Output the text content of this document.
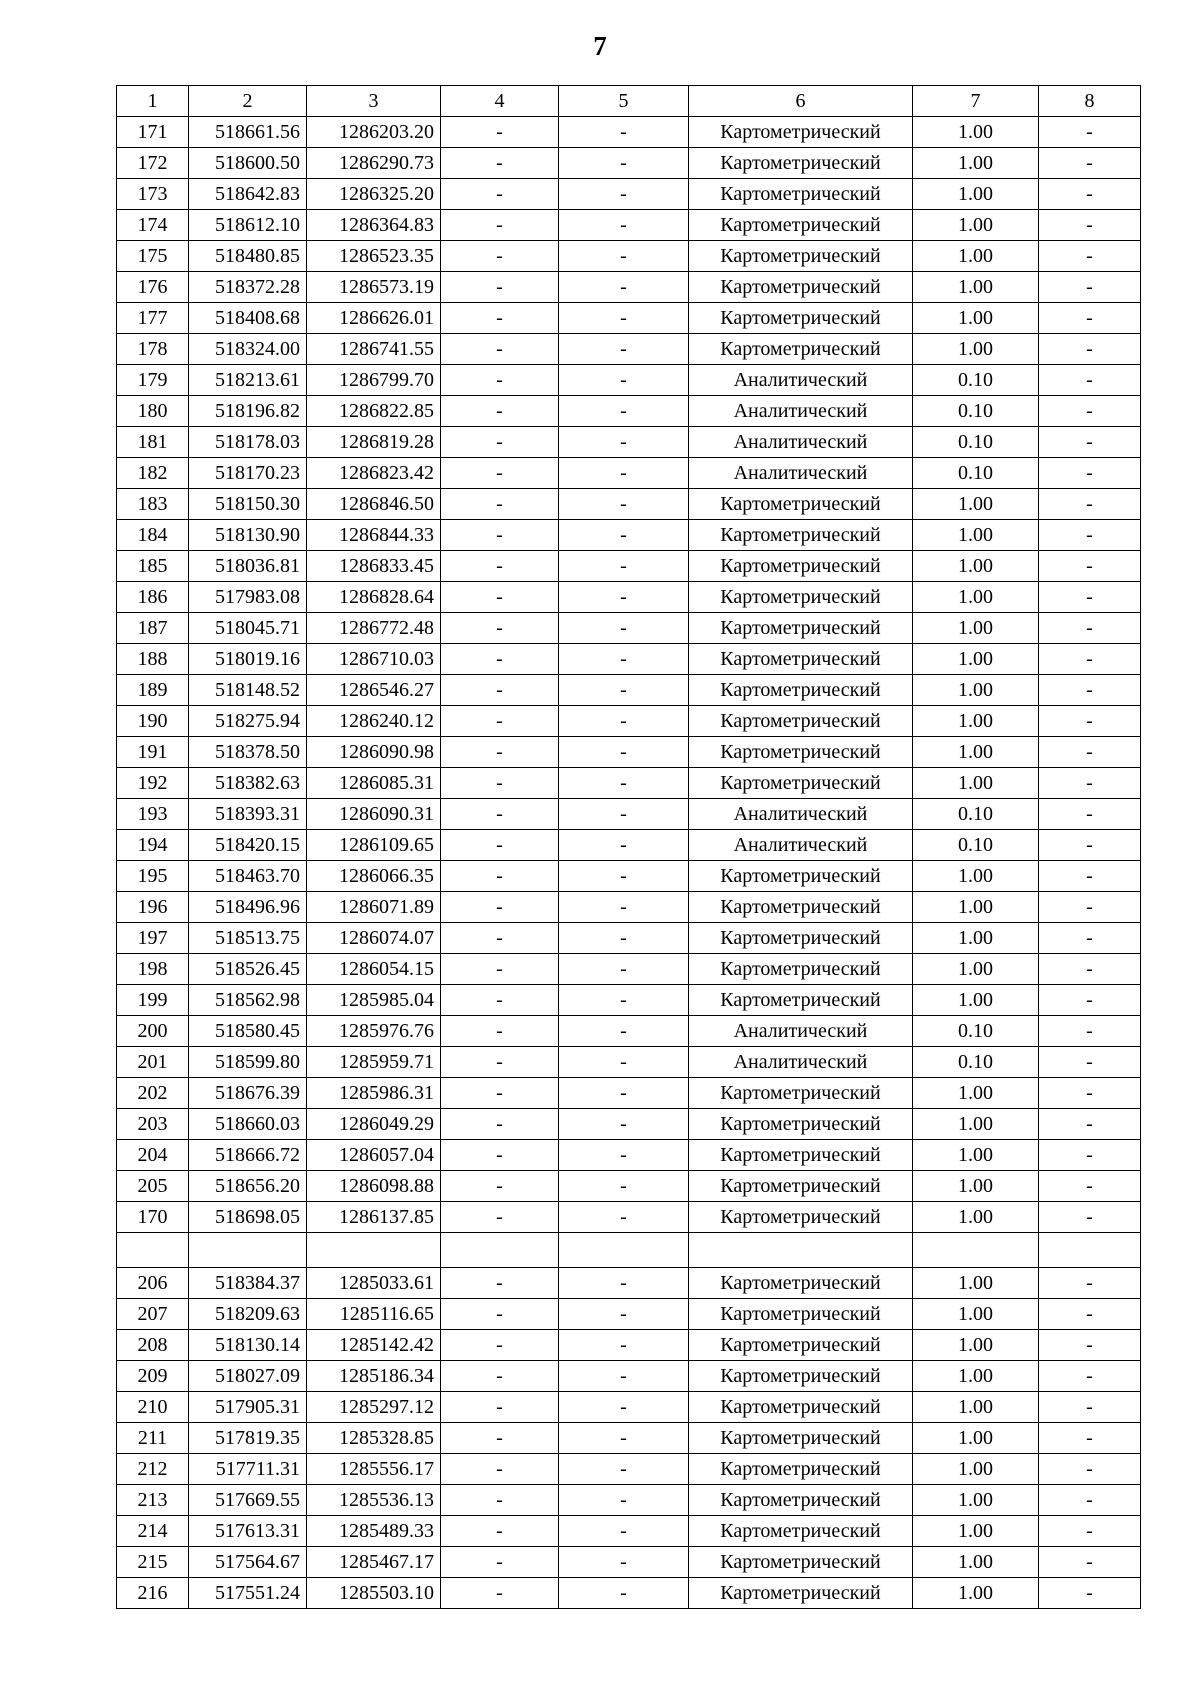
7
1	2	3	4	5	6	7	8
171	518661.56	1286203.20	-	-	Картометрический	1.00	-
172	518600.50	1286290.73	-	-	Картометрический	1.00	-
173	518642.83	1286325.20	-	-	Картометрический	1.00	-
174	518612.10	1286364.83	-	-	Картометрический	1.00	-
175	518480.85	1286523.35	-	-	Картометрический	1.00	-
176	518372.28	1286573.19	-	-	Картометрический	1.00	-
177	518408.68	1286626.01	-	-	Картометрический	1.00	-
178	518324.00	1286741.55	-	-	Картометрический	1.00	-
179	518213.61	1286799.70	-	-	Аналитический	0.10	-
180	518196.82	1286822.85	-	-	Аналитический	0.10	-
181	518178.03	1286819.28	-	-	Аналитический	0.10	-
182	518170.23	1286823.42	-	-	Аналитический	0.10	-
183	518150.30	1286846.50	-	-	Картометрический	1.00	-
184	518130.90	1286844.33	-	-	Картометрический	1.00	-
185	518036.81	1286833.45	-	-	Картометрический	1.00	-
186	517983.08	1286828.64	-	-	Картометрический	1.00	-
187	518045.71	1286772.48	-	-	Картометрический	1.00	-
188	518019.16	1286710.03	-	-	Картометрический	1.00	-
189	518148.52	1286546.27	-	-	Картометрический	1.00	-
190	518275.94	1286240.12	-	-	Картометрический	1.00	-
191	518378.50	1286090.98	-	-	Картометрический	1.00	-
192	518382.63	1286085.31	-	-	Картометрический	1.00	-
193	518393.31	1286090.31	-	-	Аналитический	0.10	-
194	518420.15	1286109.65	-	-	Аналитический	0.10	-
195	518463.70	1286066.35	-	-	Картометрический	1.00	-
196	518496.96	1286071.89	-	-	Картометрический	1.00	-
197	518513.75	1286074.07	-	-	Картометрический	1.00	-
198	518526.45	1286054.15	-	-	Картометрический	1.00	-
199	518562.98	1285985.04	-	-	Картометрический	1.00	-
200	518580.45	1285976.76	-	-	Аналитический	0.10	-
201	518599.80	1285959.71	-	-	Аналитический	0.10	-
202	518676.39	1285986.31	-	-	Картометрический	1.00	-
203	518660.03	1286049.29	-	-	Картометрический	1.00	-
204	518666.72	1286057.04	-	-	Картометрический	1.00	-
205	518656.20	1286098.88	-	-	Картометрический	1.00	-
170	518698.05	1286137.85	-	-	Картометрический	1.00	-

206	518384.37	1285033.61	-	-	Картометрический	1.00	-
207	518209.63	1285116.65	-	-	Картометрический	1.00	-
208	518130.14	1285142.42	-	-	Картометрический	1.00	-
209	518027.09	1285186.34	-	-	Картометрический	1.00	-
210	517905.31	1285297.12	-	-	Картометрический	1.00	-
211	517819.35	1285328.85	-	-	Картометрический	1.00	-
212	517711.31	1285556.17	-	-	Картометрический	1.00	-
213	517669.55	1285536.13	-	-	Картометрический	1.00	-
214	517613.31	1285489.33	-	-	Картометрический	1.00	-
215	517564.67	1285467.17	-	-	Картометрический	1.00	-
216	517551.24	1285503.10	-	-	Картометрический	1.00	-
